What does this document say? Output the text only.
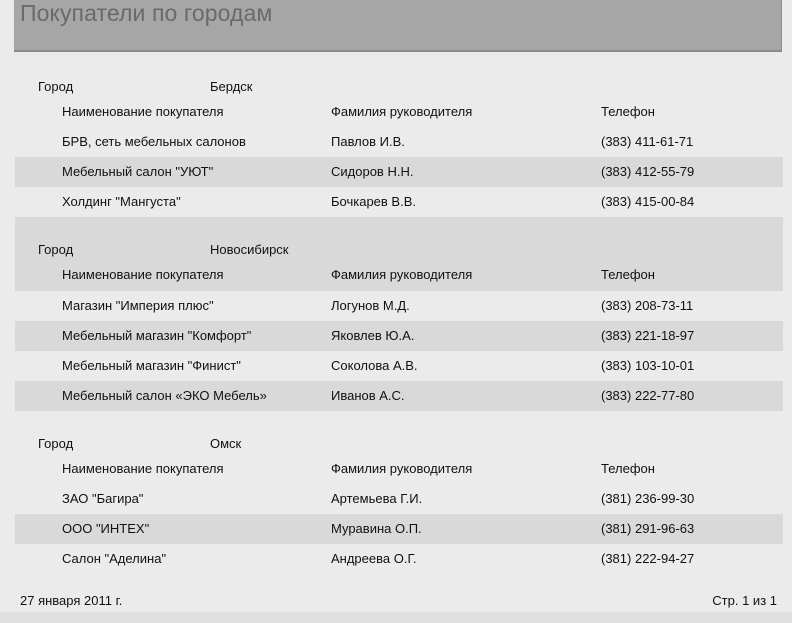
Покупатели по городам
Город	Бердск
Наименование покупателя	Фамилия руководителя	Телефон
БРВ, сеть мебельных салонов	Павлов И.В.	(383) 411-61-71
Мебельный салон "УЮТ"	Сидоров Н.Н.	(383) 412-55-79
Холдинг "Мангуста"	Бочкарев В.В.	(383) 415-00-84
Город	Новосибирск
Наименование покупателя	Фамилия руководителя	Телефон
Магазин "Империя плюс"	Логунов М.Д.	(383) 208-73-11
Мебельный магазин "Комфорт"	Яковлев Ю.А.	(383) 221-18-97
Мебельный магазин "Финист"	Соколова А.В.	(383) 103-10-01
Мебельный салон «ЭКО Мебель»	Иванов А.С.	(383) 222-77-80
Город	Омск
Наименование покупателя	Фамилия руководителя	Телефон
ЗАО "Багира"	Артемьева Г.И.	(381) 236-99-30
ООО "ИНТЕХ"	Муравина О.П.	(381) 291-96-63
Салон "Аделина"	Андреева О.Г.	(381) 222-94-27
27 января 2011 г.	Стр. 1 из 1
